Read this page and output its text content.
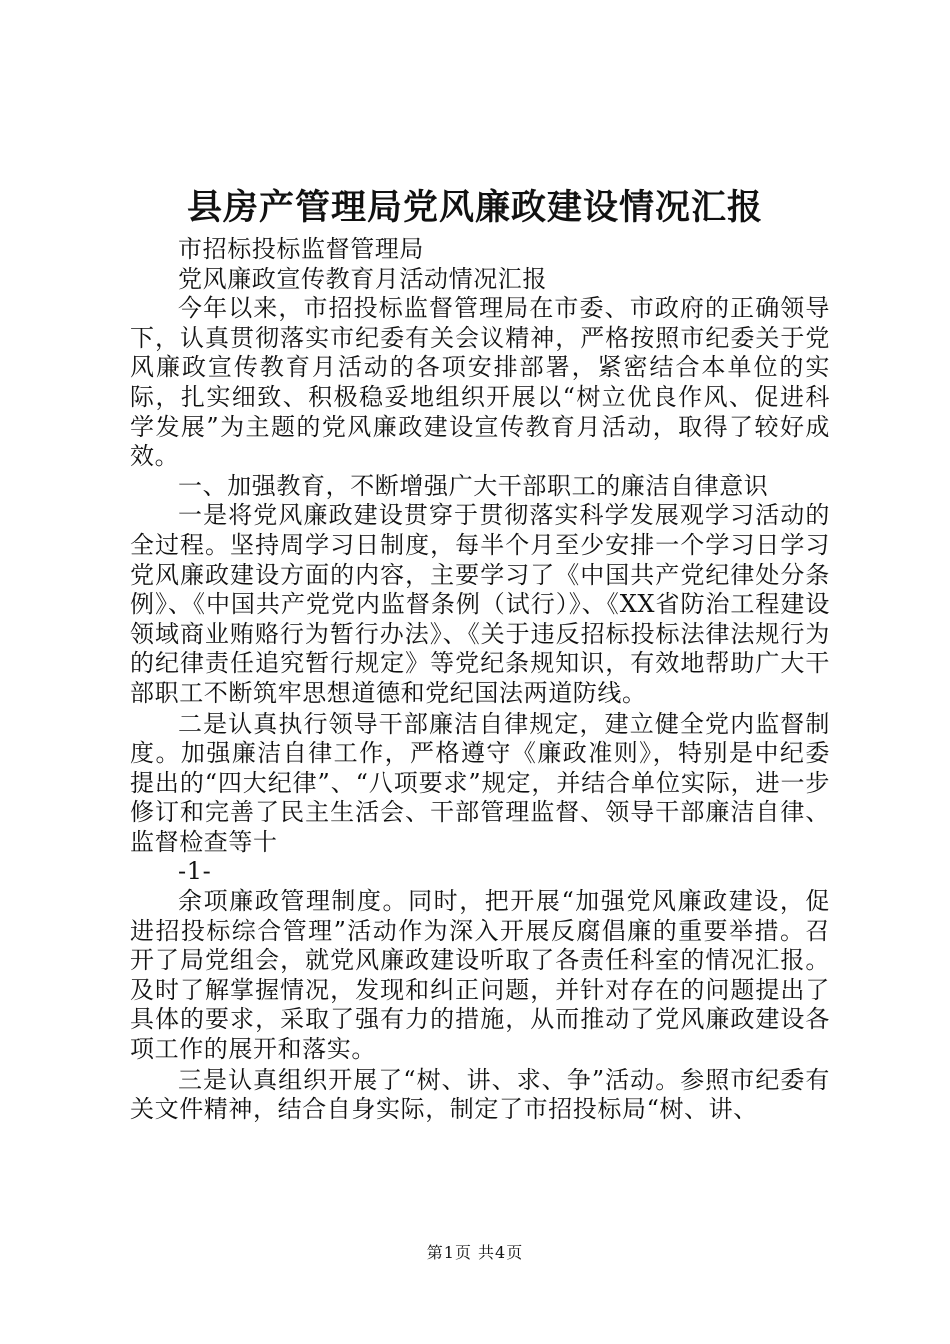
县房产管理局党风廉政建设情况汇报

市招标投标监督管理局

党风廉政宣传教育月活动情况汇报

今年以来，市招投标监督管理局在市委、市政府的正确领导下，认真贯彻落实市纪委有关会议精神，严格按照市纪委关于党风廉政宣传教育月活动的各项安排部署，紧密结合本单位的实际，扎实细致、积极稳妥地组织开展以“树立优良作风、促进科学发展”为主题的党风廉政建设宣传教育月活动，取得了较好成效。

一、加强教育，不断增强广大干部职工的廉洁自律意识

一是将党风廉政建设贯穿于贯彻落实科学发展观学习活动的全过程。坚持周学习日制度，每半个月至少安排一个学习日学习党风廉政建设方面的内容，主要学习了《中国共产党纪律处分条例》、《中国共产党党内监督条例（试行）》、《XX省防治工程建设领域商业贿赂行为暂行办法》、《关于违反招标投标法律法规行为的纪律责任追究暂行规定》等党纪条规知识，有效地帮助广大干部职工不断筑牢思想道德和党纪国法两道防线。

二是认真执行领导干部廉洁自律规定，建立健全党内监督制度。加强廉洁自律工作，严格遵守《廉政准则》，特别是中纪委提出的“四大纪律”、“八项要求”规定，并结合单位实际，进一步修订和完善了民主生活会、干部管理监督、领导干部廉洁自律、监督检查等十

-1-

余项廉政管理制度。同时，把开展“加强党风廉政建设，促进招投标综合管理”活动作为深入开展反腐倡廉的重要举措。召开了局党组会，就党风廉政建设听取了各责任科室的情况汇报。及时了解掌握情况，发现和纠正问题，并针对存在的问题提出了具体的要求，采取了强有力的措施，从而推动了党风廉政建设各项工作的展开和落实。

三是认真组织开展了“树、讲、求、争”活动。参照市纪委有关文件精神，结合自身实际，制定了市招投标局“树、讲、

第1页 共4页
